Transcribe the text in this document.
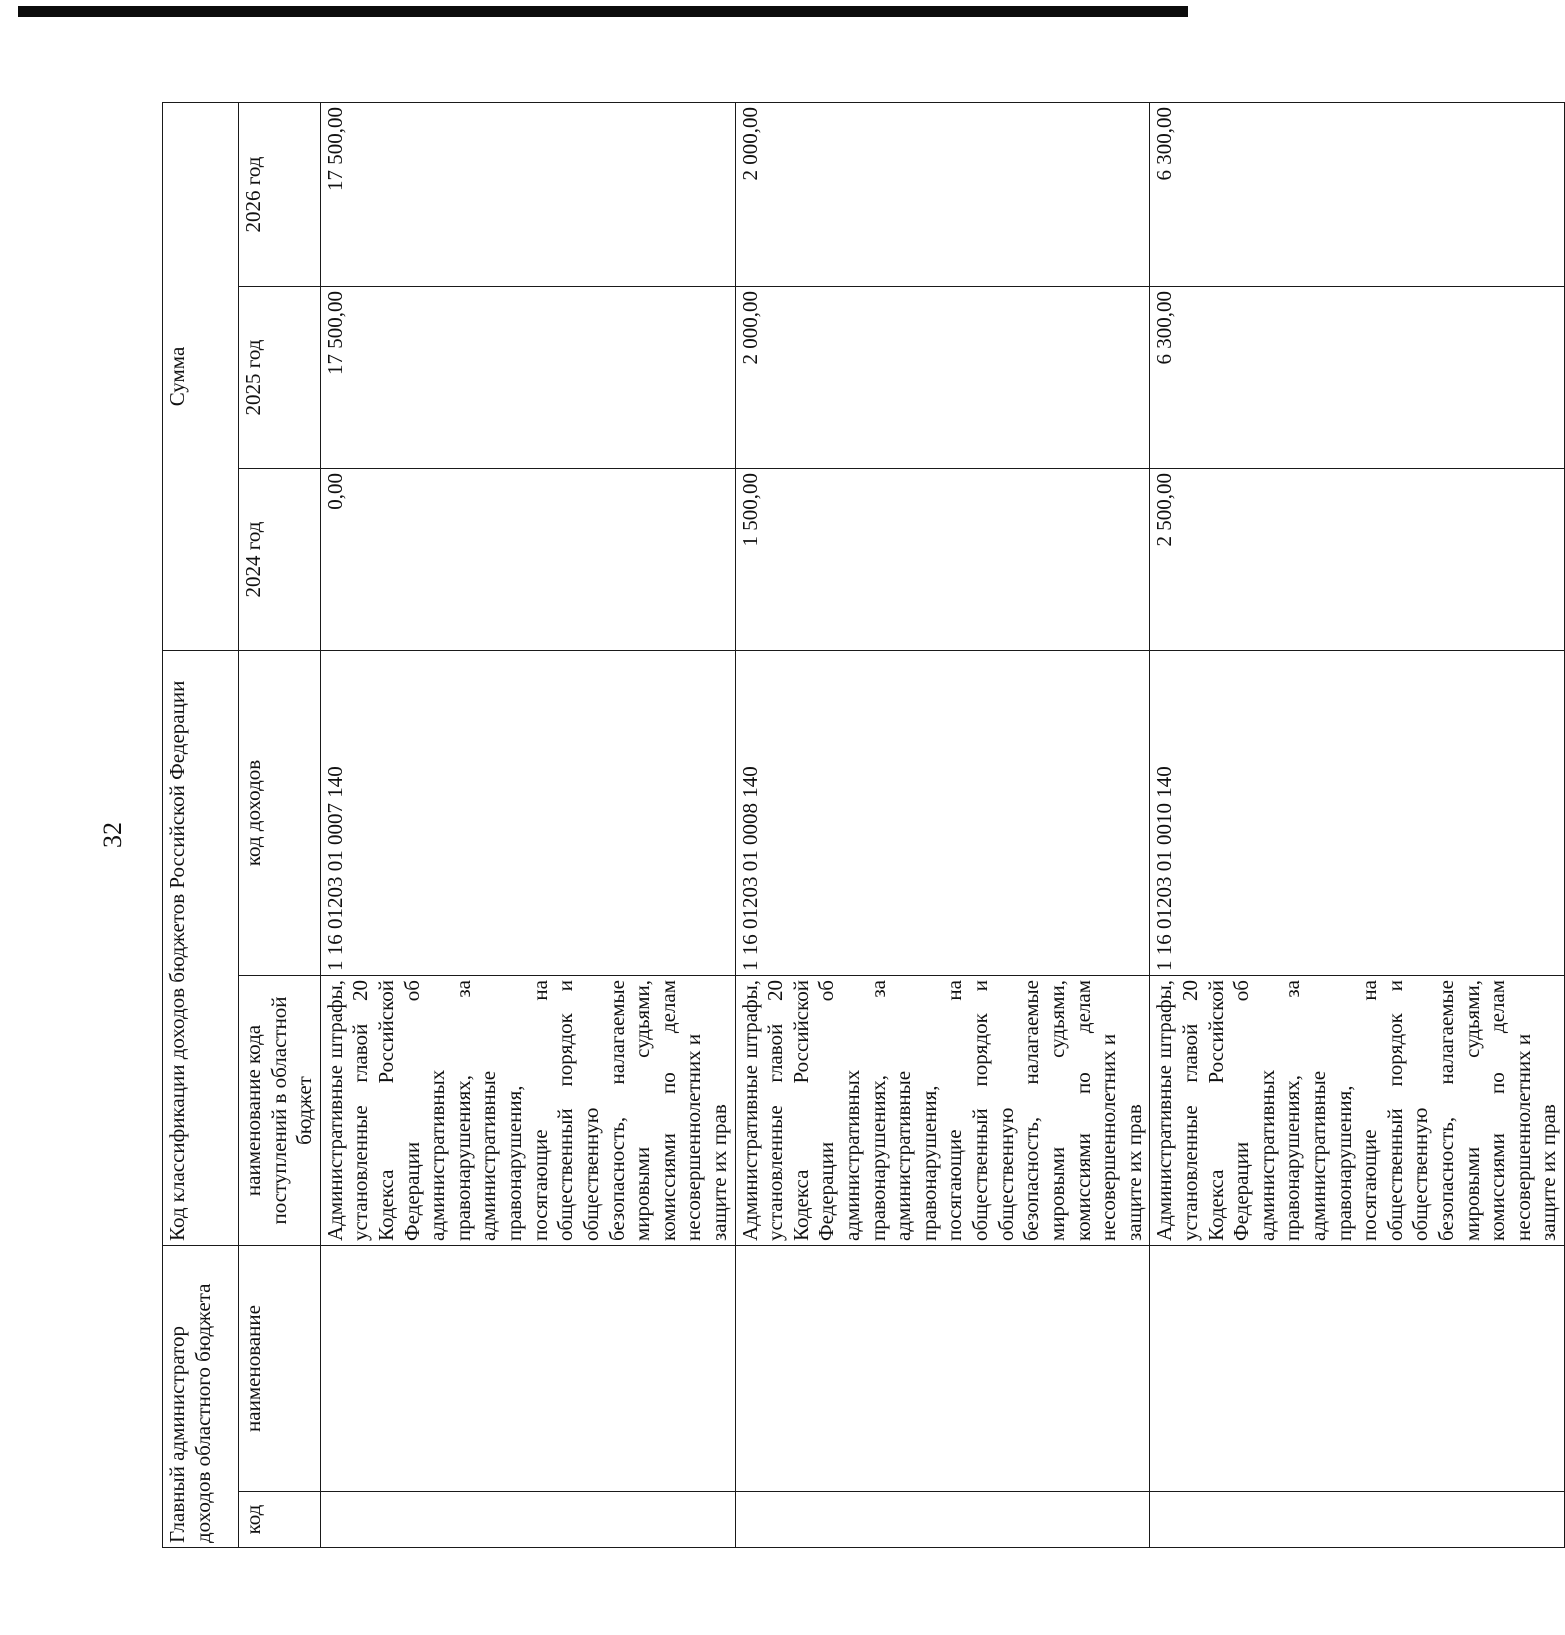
32
Главный администратор доходов областного бюджета		Код классификации доходов бюджетов Российской Федерации		Сумма		
код	наименование	наименование кода поступлений в областной бюджет	код доходов	2024 год	2025 год	2026 год
		Административные штрафы, установленные главой 20 Кодекса Российской Федерации об административных правонарушениях, за административные правонарушения, посягающие на общественный порядок и общественную безопасность, налагаемые мировыми судьями, комиссиями по делам несовершеннолетних и защите их прав	1 16 01203 01 0007 140	0,00	17 500,00	17 500,00
		Административные штрафы, установленные главой 20 Кодекса Российской Федерации об административных правонарушениях, за административные правонарушения, посягающие на общественный порядок и общественную безопасность, налагаемые мировыми судьями, комиссиями по делам несовершеннолетних и защите их прав	1 16 01203 01 0008 140	1 500,00	2 000,00	2 000,00
		Административные штрафы, установленные главой 20 Кодекса Российской Федерации об административных правонарушениях, за административные правонарушения, посягающие на общественный порядок и общественную безопасность, налагаемые мировыми судьями, комиссиями по делам несовершеннолетних и защите их прав	1 16 01203 01 0010 140	2 500,00	6 300,00	6 300,00
